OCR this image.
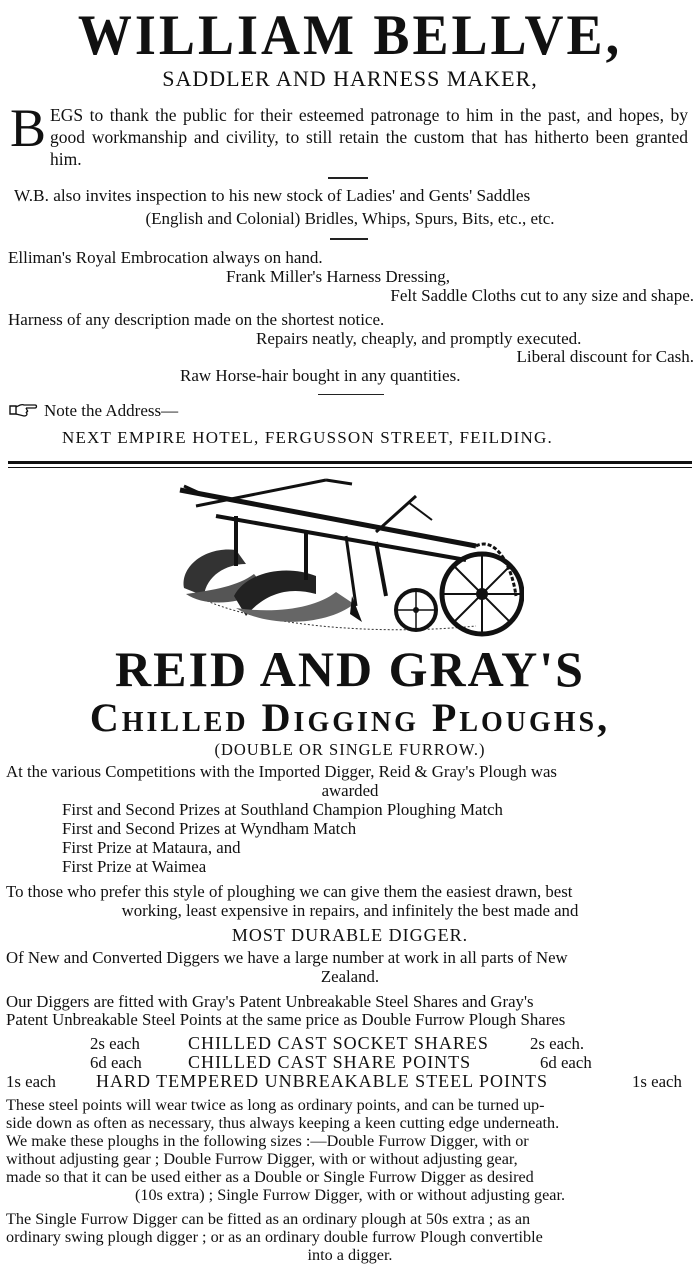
WILLIAM BELLVE,
SADDLER AND HARNESS MAKER,
BEGS to thank the public for their esteemed patronage to him in the past, and hopes, by good workmanship and civility, to still retain the custom that has hitherto been granted him.
W.B. also invites inspection to his new stock of Ladies' and Gents' Saddles
(English and Colonial) Bridles, Whips, Spurs, Bits, etc., etc.
Elliman's Royal Embrocation always on hand.
Frank Miller's Harness Dressing,
Felt Saddle Cloths cut to any size and shape.
Harness of any description made on the shortest notice.
Repairs neatly, cheaply, and promptly executed.
Liberal discount for Cash.
Raw Horse-hair bought in any quantities.
Note the Address—
NEXT EMPIRE HOTEL, FERGUSSON STREET, FEILDING.
REID AND GRAY'S
Chilled Digging Ploughs,
(DOUBLE OR SINGLE FURROW.)
At the various Competitions with the Imported Digger, Reid & Gray's Plough was
awarded
First and Second Prizes at Southland Champion Ploughing Match
First and Second Prizes at Wyndham Match
First Prize at Mataura, and
First Prize at Waimea
To those who prefer this style of ploughing we can give them the easiest drawn, best
working, least expensive in repairs, and infinitely the best made and
MOST DURABLE DIGGER.
Of New and Converted Diggers we have a large number at work in all parts of New
Zealand.
Our Diggers are fitted with Gray's Patent Unbreakable Steel Shares and Gray's
Patent Unbreakable Steel Points at the same price as Double Furrow Plough Shares
2s each	CHILLED CAST SOCKET SHARES 2s each.
6d each	CHILLED CAST SHARE POINTS	6d each
1s each HARD TEMPERED UNBREAKABLE STEEL POINTS	1s each
These steel points will wear twice as long as ordinary points, and can be turned up-
side down as often as necessary, thus always keeping a keen cutting edge underneath.
We make these ploughs in the following sizes :—Double Furrow Digger, with or
without adjusting gear ; Double Furrow Digger, with or without adjusting gear,
made so that it can be used either as a Double or Single Furrow Digger as desired
(10s extra) ; Single Furrow Digger, with or without adjusting gear.
The Single Furrow Digger can be fitted as an ordinary plough at 50s extra ; as an
ordinary swing plough digger ; or as an ordinary double furrow Plough convertible
into a digger.
